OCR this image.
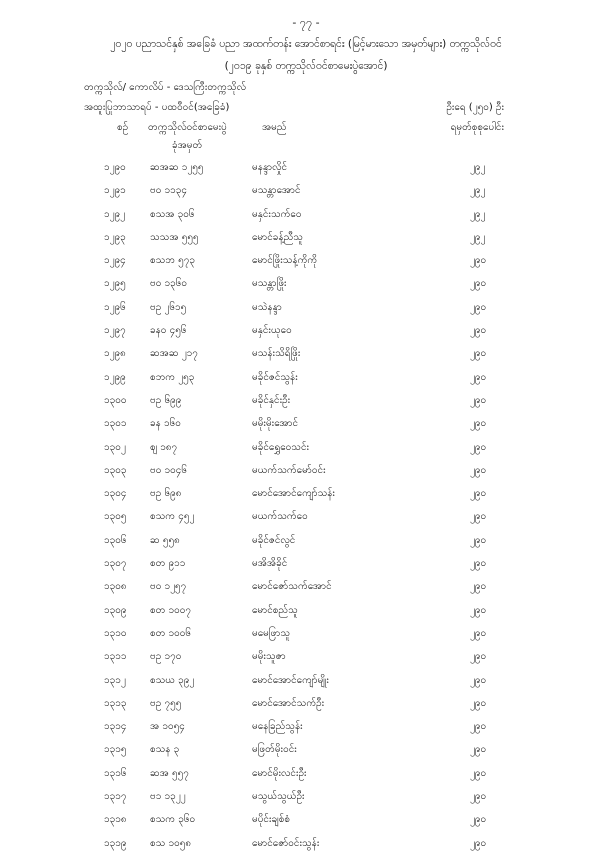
- ၇၇ -
၂၀၂၀ ပညာသင်နှစ် အခြေခံ ပညာ အထက်တန်း အောင်စာရင်း (မြင့်မားသော အမှတ်များ) တက္ကသိုလ်ဝင်
(၂၀၁၉ ခုနှစ် တက္ကသိုလ်ဝင်စာမေးပွဲအောင်)
တက္ကသိုလ်/ ကောလိပ် - ဒေသကြီးတက္ကသိုလ်
အထူးပြုဘာသာရပ် - ပထဝီဝင်(အခြေခံ)	ဦးရေ (၂၅၀) ဦး
ရမှတ်စုစုပေါင်း
စဉ် တက္ကသိုလ်ဝင်စာမေးပွဲ
ခုံအမှတ်
အမည်
၁၂၉၀ ဆအဆ ၁၂၅၅	မနန္ဒာလှိုင်	၂၉၂
၁၂၉၁ ဗဝ ၁၁၃၄	မသန္တာအောင်	၂၉၂
၁၂၉၂ စသအ ၃၀၆	မနှင်းသက်ဝေ	၂၉၂
၁၂၉၃ သသအ ၅၅၅	မောင်ခန့်ညီသူ	၂၉၂
၁၂၉၄ စသဘ ၅၇၃	မောင်ဖြိုးသန့်ကိုကို	၂၉၀
၁၂၉၅ ဗဝ ၁၃၆၀	မသန္တာဖြိုး	၂၉၀
၁၂၉၆ ဗဥ ၂၆၁၅	မသဲနန္ဒာ	၂၉၀
၁၂၉၇ ခနဝ ၄၅၆	မနှင်းယုဝေ	၂၉၀
၁၂၉၈ ဆအဆ ၂၁၇	မသန်းသိရိဖြိုး	၂၉၀
၁၂၉၉ စဘက ၂၅၃	မခိုင်ဇင်သွန်း	၂၉၀
၁၃၀၀ ဗဥ ၆၉၉	မခိုင်နှင်းဦး	၂၉၀
၁၃၀၁ ခန ၁၆၀	မမိုးမိုးအောင်	၂၉၀
၁၃၀၂ ဈ ၁၈၇	မခိုင်ရွှေဝေသင်း	၂၉၀
၁၃၀၃ ဗဝ ၁၀၄၆	မယက်သက်မော်ဝင်း	၂၉၀
၁၃၀၄ ဗဥ ၆၉၈	မောင်အောင်ကျော်သန်း	၂၉၀
၁၃၀၅ စသက ၄၅၂	မယက်သက်ဝေ	၂၉၀
၁၃၀၆ ဆ ၅၅၈	မခိုင်ဇင်လွင်	၂၉၀
၁၃၀၇ စတ ၉၁၁	မအိအိခိုင်	၂၉၀
၁၃၀၈ ဗဝ ၁၂၅၇	မောင်ဇော်သက်အောင်	၂၉၀
၁၃၀၉ စတ ၁၀၀၇	မောင်စည်သူ	၂၉၀
၁၃၁၀ စတ ၁၀၀၆	မမေဖြာသူ	၂၉၀
၁၃၁၁ ဗဥ ၁၇၀	မမိုးသူဇာ	၂၉၀
၁၃၁၂ စသယ ၃၉၂	မောင်အောင်ကျော်မျိုး	၂၉၀
၁၃၁၃ ဗဥ ၇၅၅	မောင်အောင်သက်ဦး	၂၉၀
၁၃၁၄ အ ၁၀၅၄	မနေခြည်သွန်း	၂၉၀
၁၃၁၅ စသန ၃	မဖြတ်မိုးဝင်း	၂၉၀
၁၃၁၆ ဆအ ၅၅၇	မောင်မိုးလင်းဦး	၂၉၀
၁၃၁၇ ဗ၁ ၁၃၂၂	မသွယ်သွယ်ဦး	၂၉၀
၁၃၁၈ စသက ၃၆၀	မပိုင်းချစ်စံ	၂၉၀
၁၃၁၉ စသ ၁၀၅၈	မောင်ဇော်ဝင်းသွန်း	၂၉၀
